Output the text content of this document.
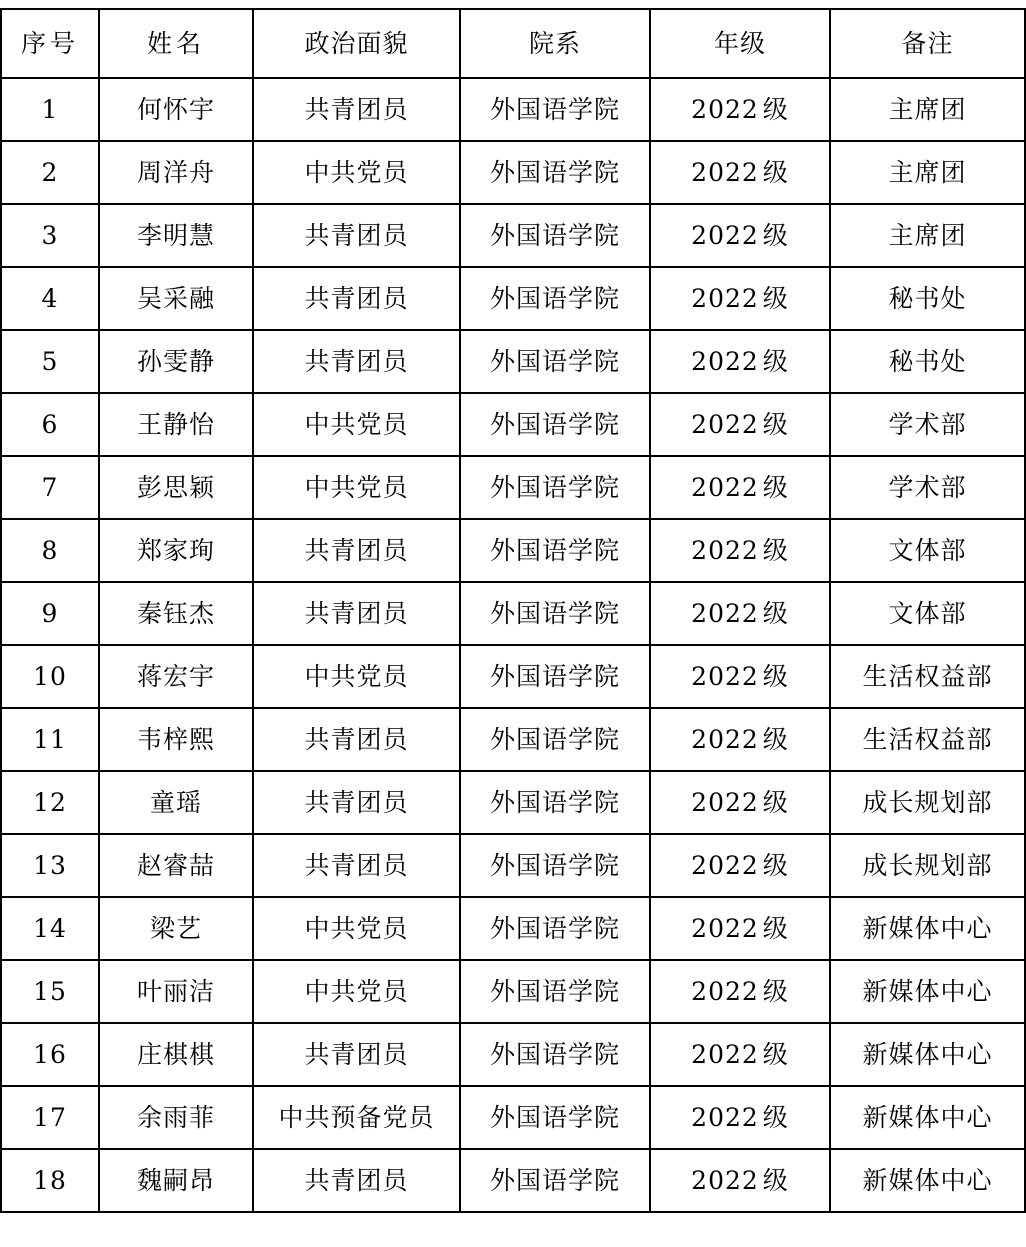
序号	姓名	政治面貌	院系	年级	备注
1	何怀宇	共青团员	外国语学院	2022 级	主席团
2	周洋舟	中共党员	外国语学院	2022 级	主席团
3	李明慧	共青团员	外国语学院	2022 级	主席团
4	吴采融	共青团员	外国语学院	2022 级	秘书处
5	孙雯静	共青团员	外国语学院	2022 级	秘书处
6	王静怡	中共党员	外国语学院	2022 级	学术部
7	彭思颖	中共党员	外国语学院	2022 级	学术部
8	郑家珣	共青团员	外国语学院	2022 级	文体部
9	秦钰杰	共青团员	外国语学院	2022 级	文体部
10	蒋宏宇	中共党员	外国语学院	2022 级	生活权益部
11	韦梓熙	共青团员	外国语学院	2022 级	生活权益部
12	童瑶	共青团员	外国语学院	2022 级	成长规划部
13	赵睿喆	共青团员	外国语学院	2022 级	成长规划部
14	梁艺	中共党员	外国语学院	2022 级	新媒体中心
15	叶丽洁	中共党员	外国语学院	2022 级	新媒体中心
16	庄棋棋	共青团员	外国语学院	2022 级	新媒体中心
17	余雨菲	中共预备党员	外国语学院	2022 级	新媒体中心
18	魏嗣昂	共青团员	外国语学院	2022 级	新媒体中心
